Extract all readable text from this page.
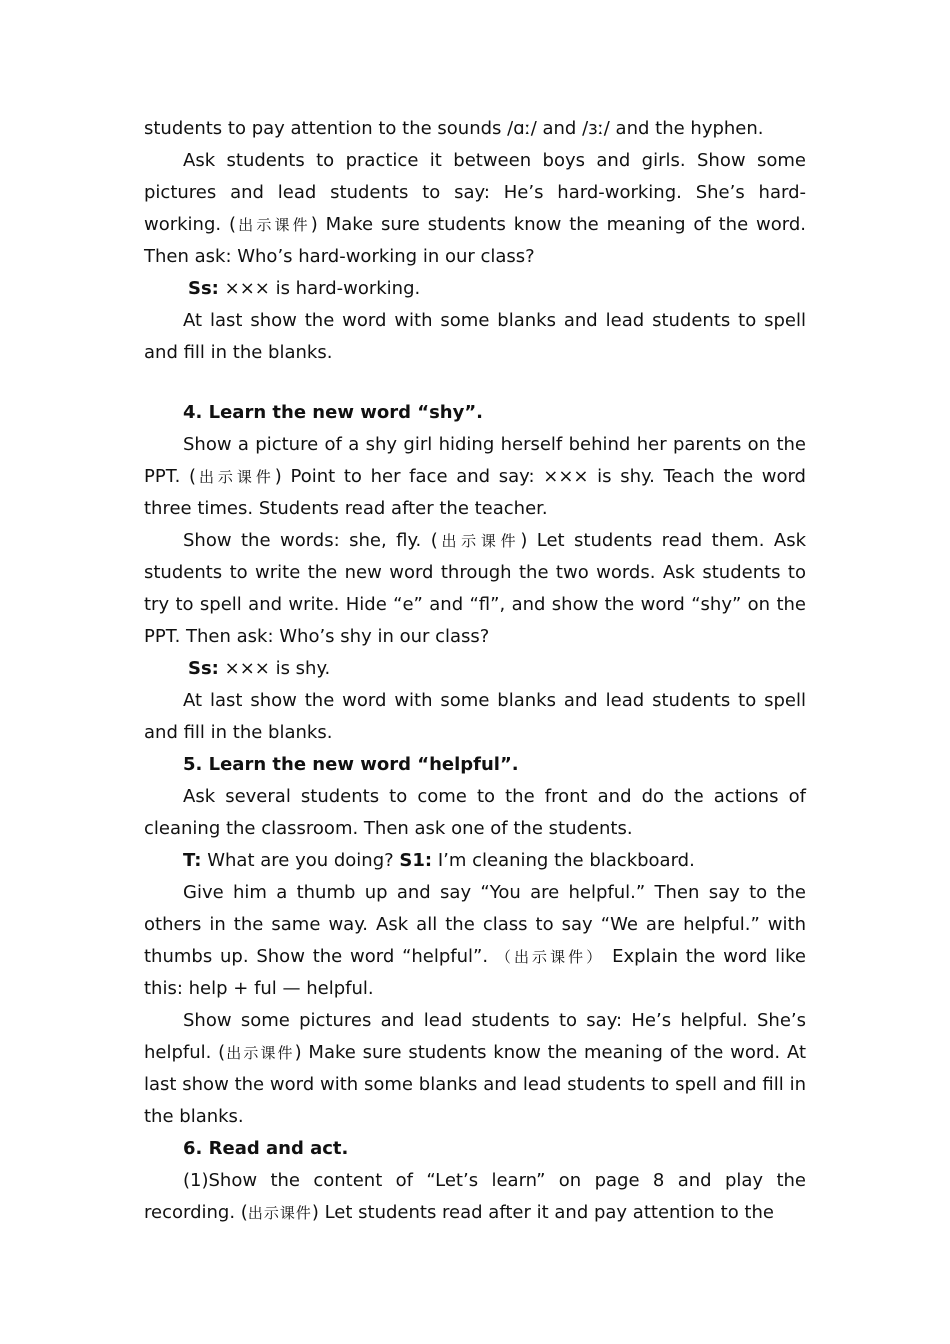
students to pay attention to the sounds /ɑː/ and /ɜː/ and the hyphen.

Ask students to practice it between boys and girls. Show some pictures and lead students to say: He’s hard-working. She’s hard-working. (出示课件) Make sure students know the meaning of the word. Then ask: Who’s hard-working in our class?

Ss: ××× is hard-working.

At last show the word with some blanks and lead students to spell and fill in the blanks.

4. Learn the new word “shy”.

Show a picture of a shy girl hiding herself behind her parents on the PPT. (出示课件) Point to her face and say: ××× is shy. Teach the word three times. Students read after the teacher.

Show the words: she, fly. (出示课件) Let students read them. Ask students to write the new word through the two words. Ask students to try to spell and write. Hide “e” and “fl”, and show the word “shy” on the PPT. Then ask: Who’s shy in our class?

Ss: ××× is shy.

At last show the word with some blanks and lead students to spell and fill in the blanks.

5. Learn the new word “helpful”.

Ask several students to come to the front and do the actions of cleaning the classroom. Then ask one of the students.

T: What are you doing? S1: I’m cleaning the blackboard.

Give him a thumb up and say “You are helpful.” Then say to the others in the same way. Ask all the class to say “We are helpful.” with thumbs up. Show the word “helpful”. （出示课件） Explain the word like this: help + ful — helpful.

Show some pictures and lead students to say: He’s helpful. She’s helpful. (出示课件) Make sure students know the meaning of the word. At last show the word with some blanks and lead students to spell and fill in the blanks.

6. Read and act.

(1)Show the content of “Let’s learn” on page 8 and play the recording. (出示课件) Let students read after it and pay attention to the
